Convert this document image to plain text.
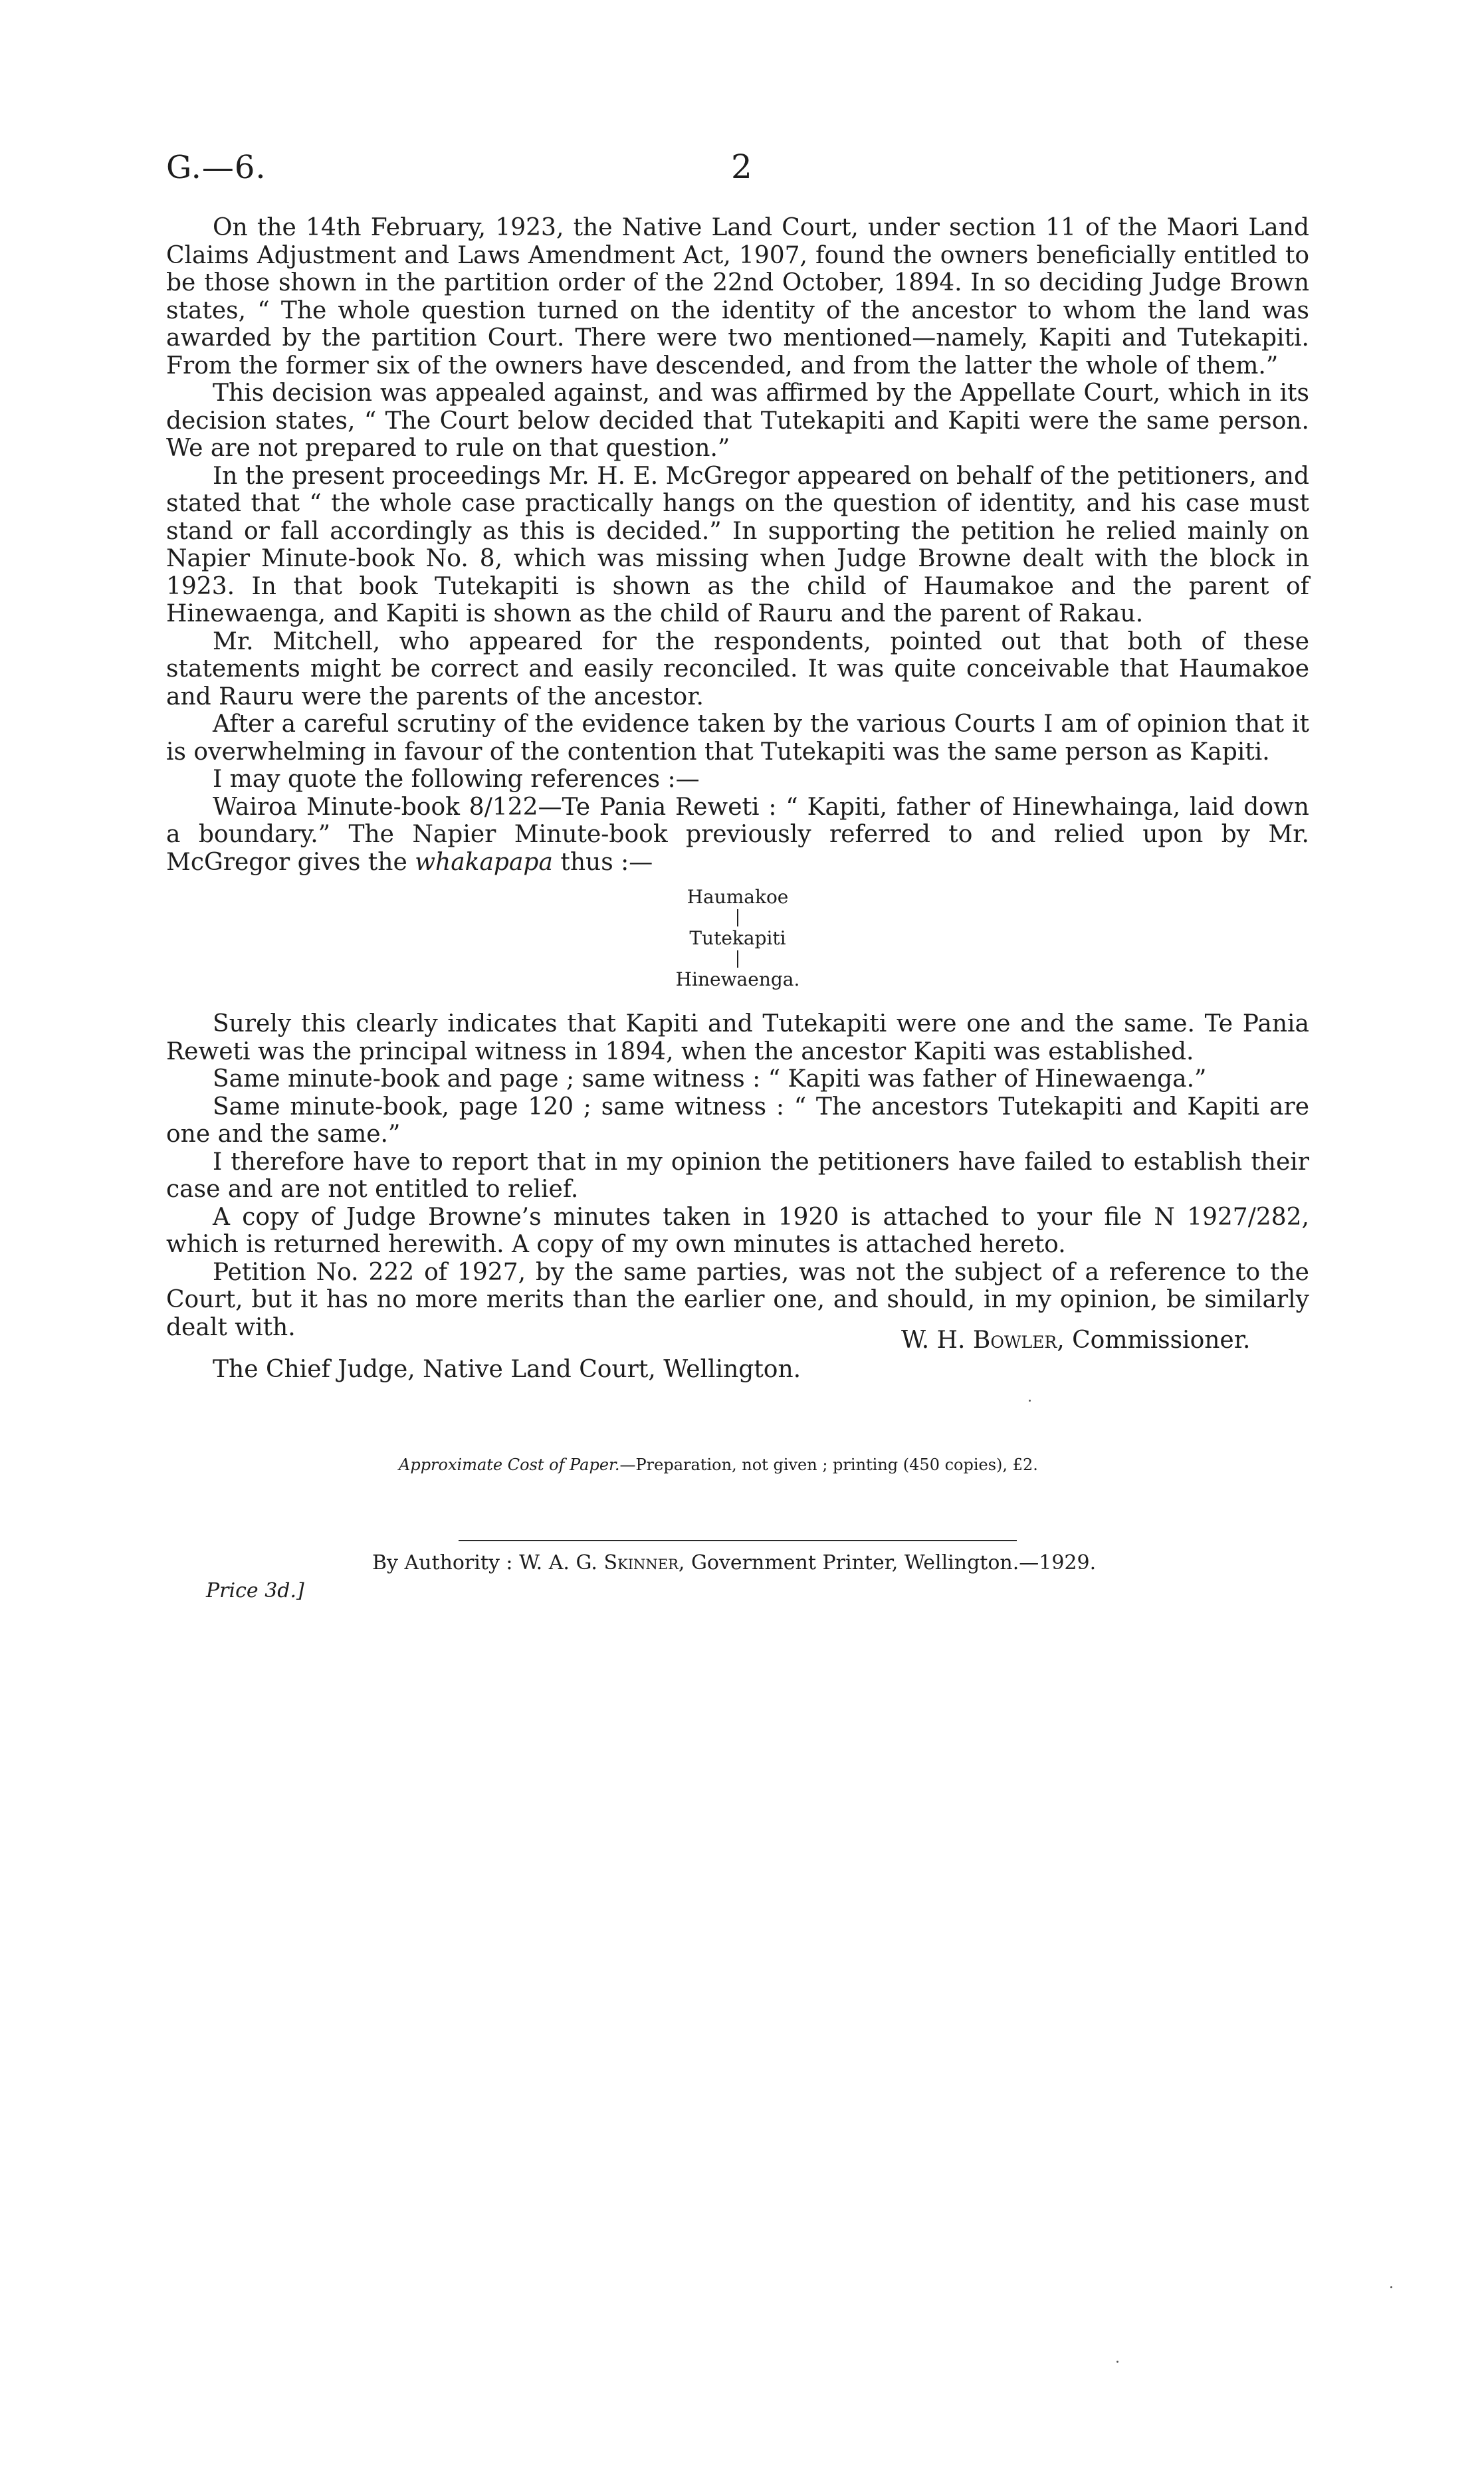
G.—6.	2

On the 14th February, 1923, the Native Land Court, under section 11 of the Maori Land Claims Adjustment and Laws Amendment Act, 1907, found the owners beneficially entitled to be those shown in the partition order of the 22nd October, 1894. In so deciding Judge Brown states, “ The whole question turned on the identity of the ancestor to whom the land was awarded by the partition Court. There were two mentioned—namely, Kapiti and Tutekapiti. From the former six of the owners have descended, and from the latter the whole of them.”

This decision was appealed against, and was affirmed by the Appellate Court, which in its decision states, “ The Court below decided that Tutekapiti and Kapiti were the same person. We are not prepared to rule on that question.”

In the present proceedings Mr. H. E. McGregor appeared on behalf of the petitioners, and stated that “ the whole case practically hangs on the question of identity, and his case must stand or fall accordingly as this is decided.” In supporting the petition he relied mainly on Napier Minute-book No. 8, which was missing when Judge Browne dealt with the block in 1923. In that book Tutekapiti is shown as the child of Haumakoe and the parent of Hinewaenga, and Kapiti is shown as the child of Rauru and the parent of Rakau.

Mr. Mitchell, who appeared for the respondents, pointed out that both of these statements might be correct and easily reconciled. It was quite conceivable that Haumakoe and Rauru were the parents of the ancestor.

After a careful scrutiny of the evidence taken by the various Courts I am of opinion that it is overwhelming in favour of the contention that Tutekapiti was the same person as Kapiti.

I may quote the following references :—

Wairoa Minute-book 8/122—Te Pania Reweti : “ Kapiti, father of Hinewhainga, laid down a boundary.” The Napier Minute-book previously referred to and relied upon by Mr. McGregor gives the whakapapa thus :—

Haumakoe
Tutekapiti
Hinewaenga.

Surely this clearly indicates that Kapiti and Tutekapiti were one and the same. Te Pania Reweti was the principal witness in 1894, when the ancestor Kapiti was established.

Same minute-book and page ; same witness : “ Kapiti was father of Hinewaenga.”

Same minute-book, page 120 ; same witness : “ The ancestors Tutekapiti and Kapiti are one and the same.”

I therefore have to report that in my opinion the petitioners have failed to establish their case and are not entitled to relief.

A copy of Judge Browne’s minutes taken in 1920 is attached to your file N 1927/282, which is returned herewith. A copy of my own minutes is attached hereto.

Petition No. 222 of 1927, by the same parties, was not the subject of a reference to the Court, but it has no more merits than the earlier one, and should, in my opinion, be similarly dealt with.	W. H. Bowler, Commissioner.
The Chief Judge, Native Land Court, Wellington.
Approximate Cost of Paper.—Preparation, not given ; printing (450 copies), £2.
By Authority : W. A. G. Skinner, Government Printer, Wellington.—1929.
Price 3d.]
